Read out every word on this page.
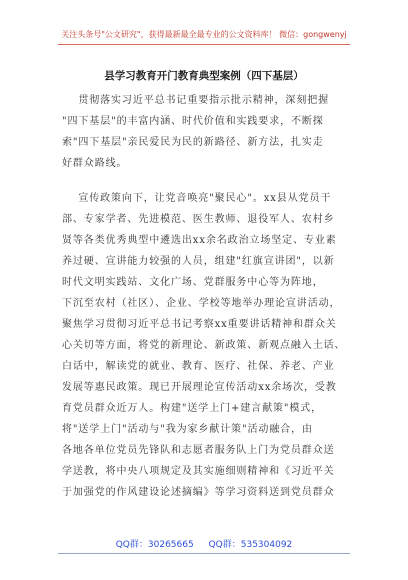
关注头条号"公文研究"，获得最新最全最专业的公文资料库！ 微信：gongwenyj
县学习教育开门教育典型案例（四下基层）
贯彻落实习近平总书记重要指示批示精神，深刻把握
"四下基层"的丰富内涵、时代价值和实践要求，不断探
索"四下基层"亲民爱民为民的新路径、新方法，扎实走
好群众路线。
宣传政策向下，让党音唤亮"聚民心"。xx县从党员干
部、专家学者、先进模范、医生教师、退役军人、农村乡
贤等各类优秀典型中遴选出xx余名政治立场坚定、专业素
养过硬、宣讲能力较强的人员，组建"红旗宣讲团"，以新
时代文明实践站、文化广场、党群服务中心等为阵地，
下沉至农村（社区）、企业、学校等地举办理论宣讲活动，
聚焦学习贯彻习近平总书记考察xx重要讲话精神和群众关
心关切等方面，将党的新理论、新政策、新观点融入土话、
白话中，解读党的就业、教育、医疗、社保、养老、产业
发展等惠民政策。现已开展理论宣传活动xx余场次，受教
育党员群众近万人。构建"送学上门+建言献策"模式，
将"送学上门"活动与"我为家乡献计策"活动融合，由
各地各单位党员先锋队和志愿者服务队上门为党员群众送
学送教，将中央八项规定及其实施细则精神和《习近平关
于加强党的作风建设论述摘编》等学习资料送到党员群众
QQ群：30265665 QQ群：535304092
